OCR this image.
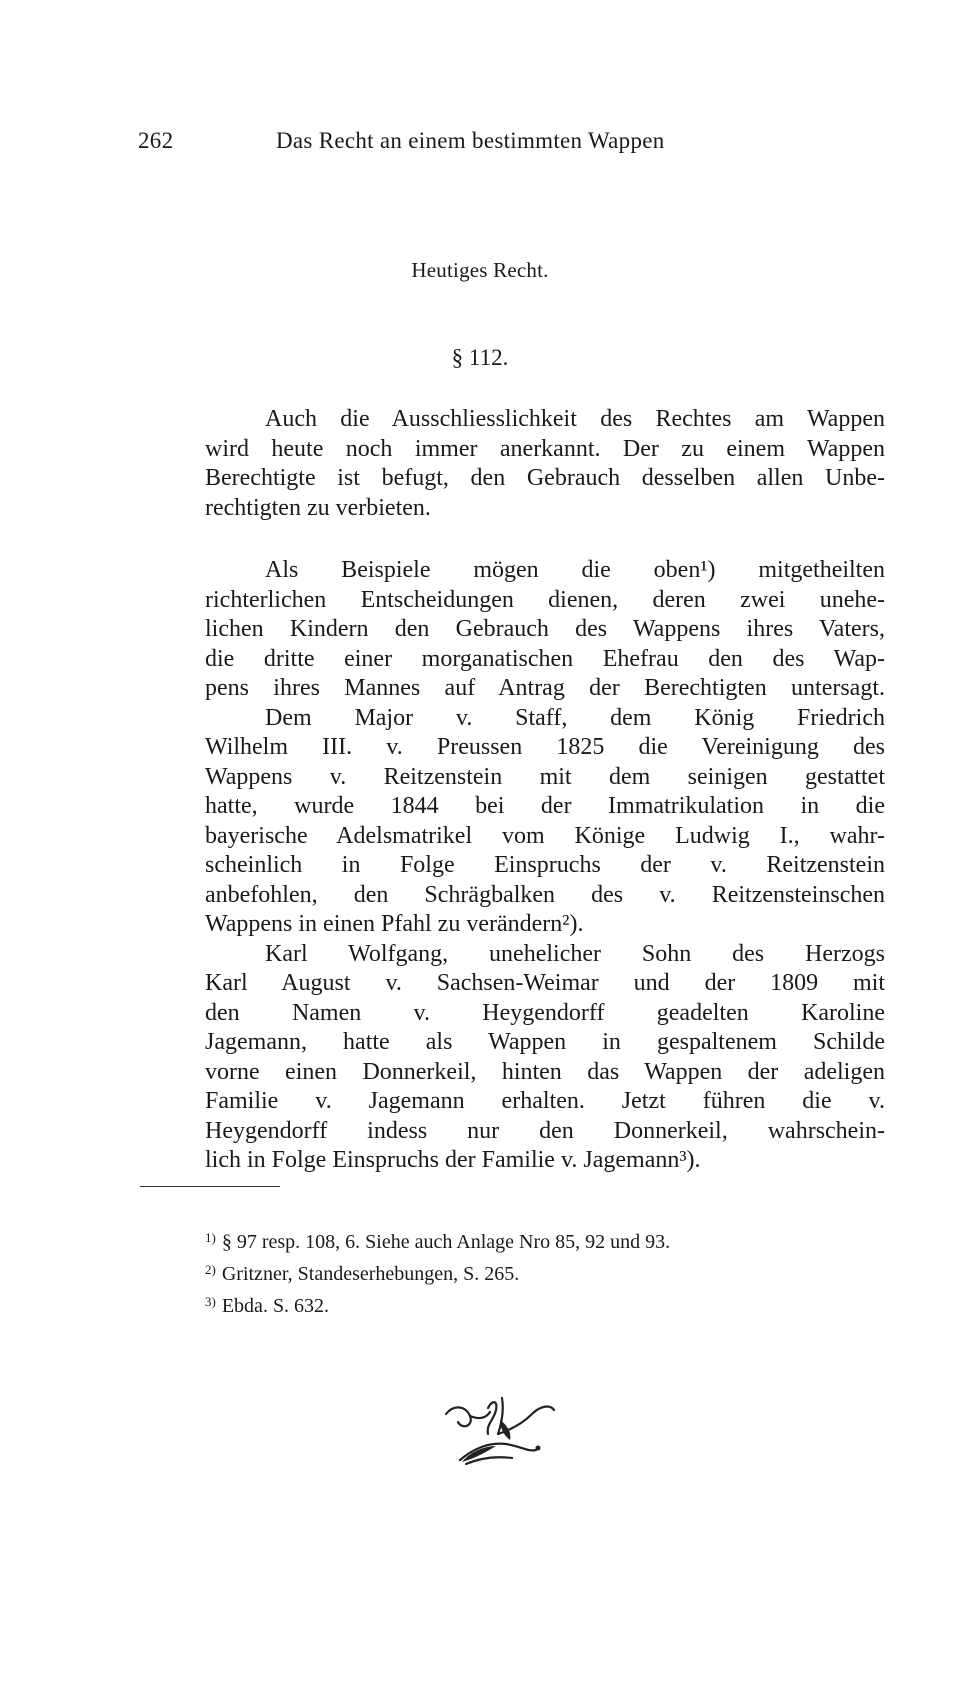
262	Das Recht an einem bestimmten Wappen
Heutiges Recht.
§ 112.
Auch die Ausschliesslichkeit des Rechtes am Wappen
wird heute noch immer anerkannt. Der zu einem Wappen
Berechtigte ist befugt, den Gebrauch desselben allen Unbe-
rechtigten zu verbieten.
Als Beispiele mögen die oben¹) mitgetheilten
richterlichen Entscheidungen dienen, deren zwei unehe-
lichen Kindern den Gebrauch des Wappens ihres Vaters,
die dritte einer morganatischen Ehefrau den des Wap-
pens ihres Mannes auf Antrag der Berechtigten untersagt.
Dem Major v. Staff, dem König Friedrich
Wilhelm III. v. Preussen 1825 die Vereinigung des
Wappens v. Reitzenstein mit dem seinigen gestattet
hatte, wurde 1844 bei der Immatrikulation in die
bayerische Adelsmatrikel vom Könige Ludwig I., wahr-
scheinlich in Folge Einspruchs der v. Reitzenstein
anbefohlen, den Schrägbalken des v. Reitzensteinschen
Wappens in einen Pfahl zu verändern²).
Karl Wolfgang, unehelicher Sohn des Herzogs
Karl August v. Sachsen-Weimar und der 1809 mit
den Namen v. Heygendorff geadelten Karoline
Jagemann, hatte als Wappen in gespaltenem Schilde
vorne einen Donnerkeil, hinten das Wappen der adeligen
Familie v. Jagemann erhalten. Jetzt führen die v.
Heygendorff indess nur den Donnerkeil, wahrschein-
lich in Folge Einspruchs der Familie v. Jagemann³).
$^{1)}$ § 97 resp. 108, 6. Siehe auch Anlage Nro 85, 92 und 93.
$^{2)}$ Gritzner, Standeserhebungen, S. 265.
$^{3)}$ Ebda. S. 632.
